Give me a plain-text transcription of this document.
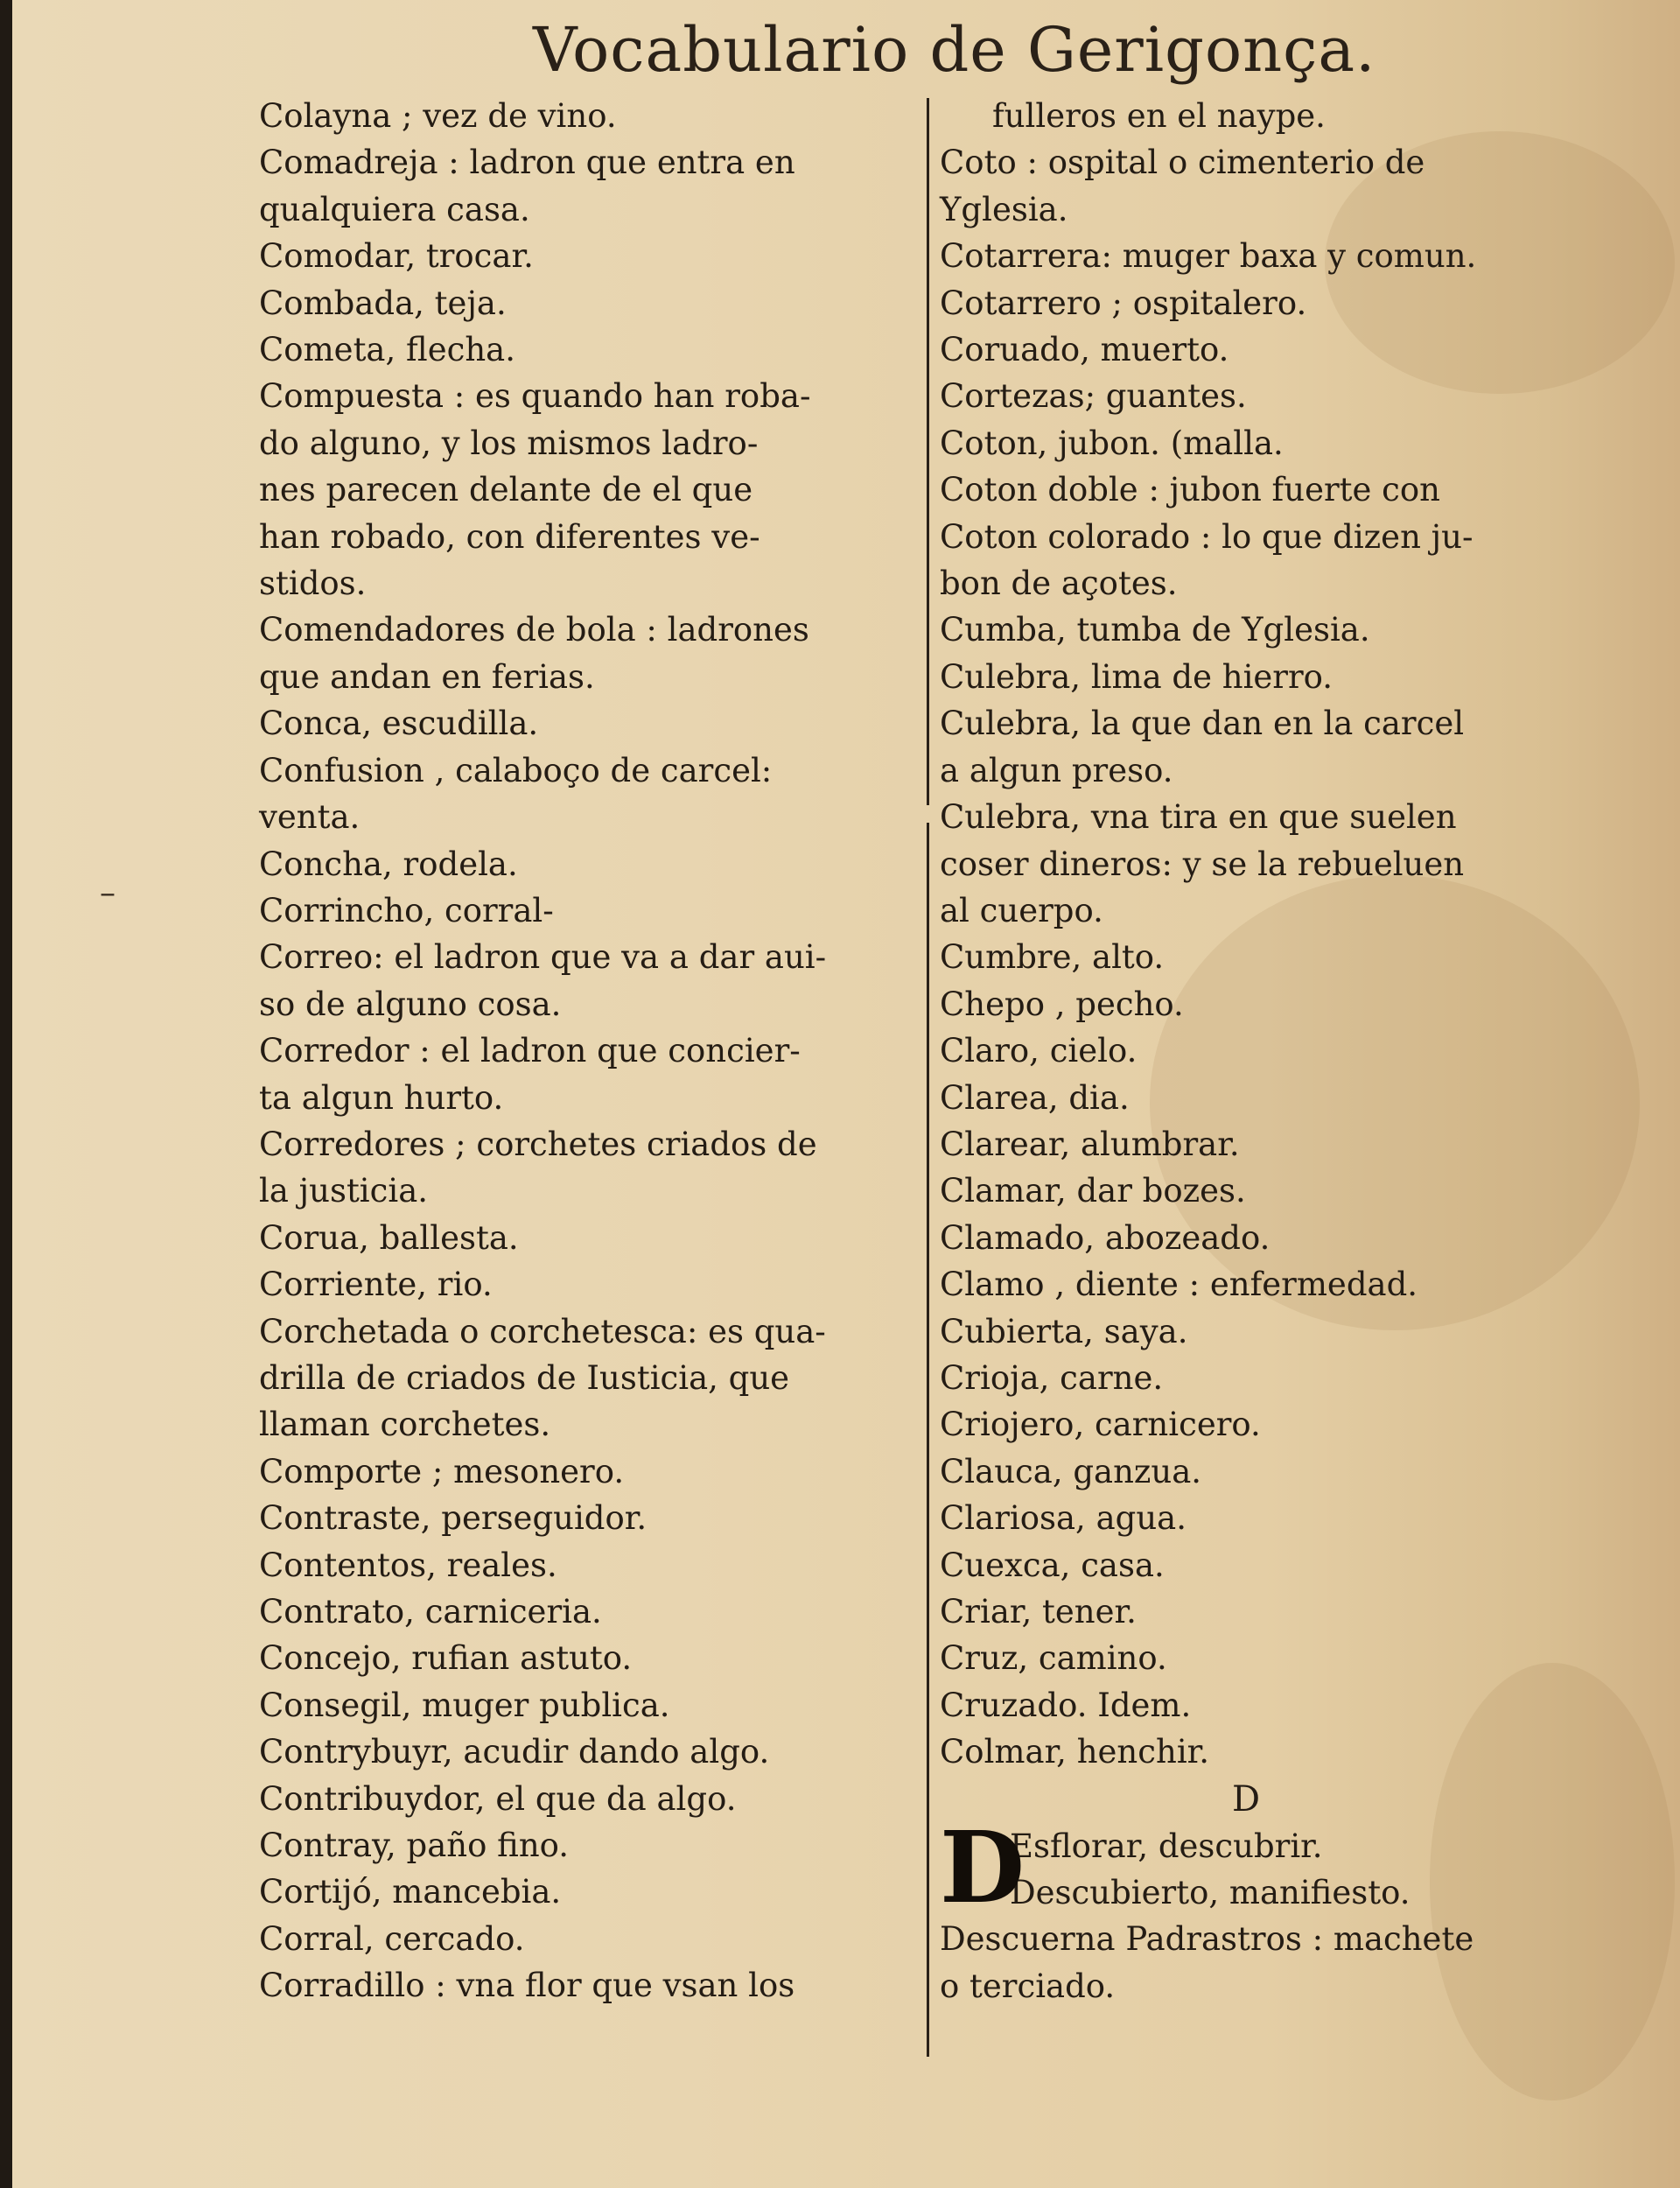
Vocabulario de Gerigonça.
–
Colayna ; vez de vino.
Comadreja : ladron que entra en
qualquiera casa.
Comodar, trocar.
Combada, teja.
Cometa, flecha.
Compuesta : es quando han roba-
do alguno, y los mismos ladro-
nes parecen delante de el que
han robado, con diferentes ve-
stidos.
Comendadores de bola : ladrones
que andan en ferias.
Conca, escudilla.
Confusion , calaboço de carcel:
venta.
Concha, rodela.
Corrincho, corral-
Correo: el ladron que va a dar aui-
so de alguno cosa.
Corredor : el ladron que concier-
ta algun hurto.
Corredores ; corchetes criados de
la justicia.
Corua, ballesta.
Corriente, rio.
Corchetada o corchetesca: es qua-
drilla de criados de Iusticia, que
llaman corchetes.
Comporte ; mesonero.
Contraste, perseguidor.
Contentos, reales.
Contrato, carniceria.
Concejo, rufian astuto.
Consegil, muger publica.
Contrybuyr, acudir dando algo.
Contribuydor, el que da algo.
Contray, paño fino.
Cortijó, mancebia.
Corral, cercado.
Corradillo : vna flor que vsan los
fulleros en el naype.
Coto : ospital o cimenterio de
Yglesia.
Cotarrera: muger baxa y comun.
Cotarrero ; ospitalero.
Coruado, muerto.
Cortezas; guantes.
Coton, jubon. (malla.
Coton doble : jubon fuerte con
Coton colorado : lo que dizen ju-
bon de açotes.
Cumba, tumba de Yglesia.
Culebra, lima de hierro.
Culebra, la que dan en la carcel
a algun preso.
Culebra, vna tira en que suelen
coser dineros: y se la rebueluen
al cuerpo.
Cumbre, alto.
Chepo , pecho.
Claro, cielo.
Clarea, dia.
Clarear, alumbrar.
Clamar, dar bozes.
Clamado, abozeado.
Clamo , diente : enfermedad.
Cubierta, saya.
Crioja, carne.
Criojero, carnicero.
Clauca, ganzua.
Clariosa, agua.
Cuexca, casa.
Criar, tener.
Cruz, camino.
Cruzado. Idem.
Colmar, henchir.
D
D
Esflorar, descubrir.
Descubierto, manifiesto.
Descuerna Padrastros : machete
o terciado.
